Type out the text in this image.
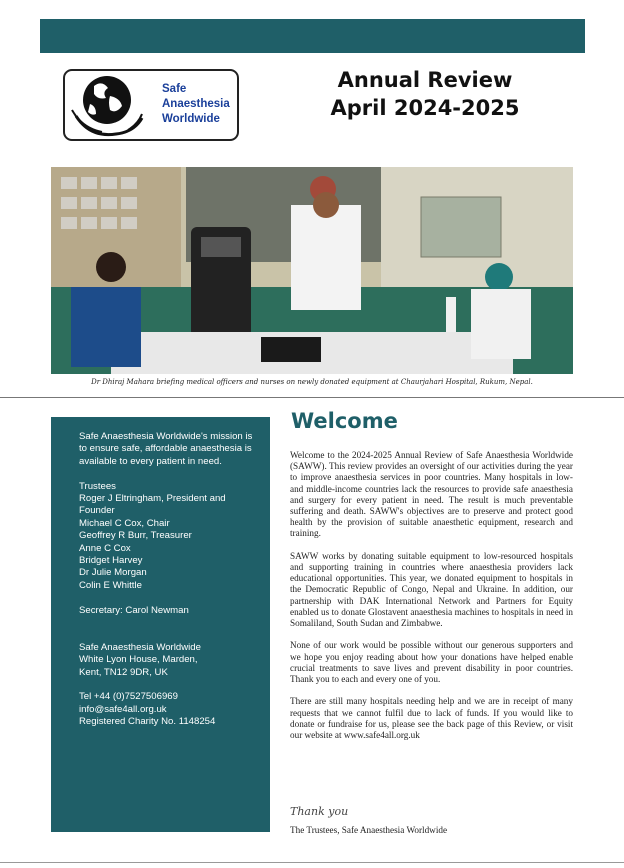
Safe
Anaesthesia
Worldwide
Annual Review
April 2024-2025
Dr Dhiraj Mahara briefing medical officers and nurses on newly donated equipment at Chaurjahari Hospital, Rukum, Nepal.

Safe Anaesthesia Worldwide's mission is to ensure safe, affordable anaesthesia is available to every patient in need.

Trustees

Roger J Eltringham, President and Founder

Michael C Cox, Chair

Geoffrey R Burr, Treasurer

Anne C Cox

Bridget Harvey

Dr Julie Morgan

Colin E Whittle

Secretary: Carol Newman

Safe Anaesthesia Worldwide

White Lyon House, Marden,

Kent, TN12 9DR, UK

Tel +44 (0)7527506969

info@safe4all.org.uk

Registered Charity No. 1148254

Welcome

Welcome to the 2024-2025 Annual Review of Safe Anaesthesia Worldwide (SAWW). This review provides an oversight of our activities during the year to improve anaesthesia services in poor countries. Many hospitals in low- and middle-income countries lack the resources to provide safe anaesthesia and surgery for every patient in need. The result is much preventable suffering and death. SAWW's objectives are to preserve and protect good health by the provision of suitable anaesthetic equipment, research and training.

SAWW works by donating suitable equipment to low-resourced hospitals and supporting training in countries where anaesthesia providers lack educational opportunities. This year, we donated equipment to hospitals in the Democratic Republic of Congo, Nepal and Ukraine. In addition, our partnership with DAK International Network and Partners for Equity enabled us to donate Glostavent anaesthesia machines to hospitals in need in Somaliland, South Sudan and Zimbabwe.

None of our work would be possible without our generous supporters and we hope you enjoy reading about how your donations have helped enable crucial treatments to save lives and prevent disability in poor countries. Thank you to each and every one of you.

There are still many hospitals needing help and we are in receipt of many requests that we cannot fulfil due to lack of funds. If you would like to donate or fundraise for us, please see the back page of this Review, or visit our website at www.safe4all.org.uk

Thank you
The Trustees, Safe Anaesthesia Worldwide
